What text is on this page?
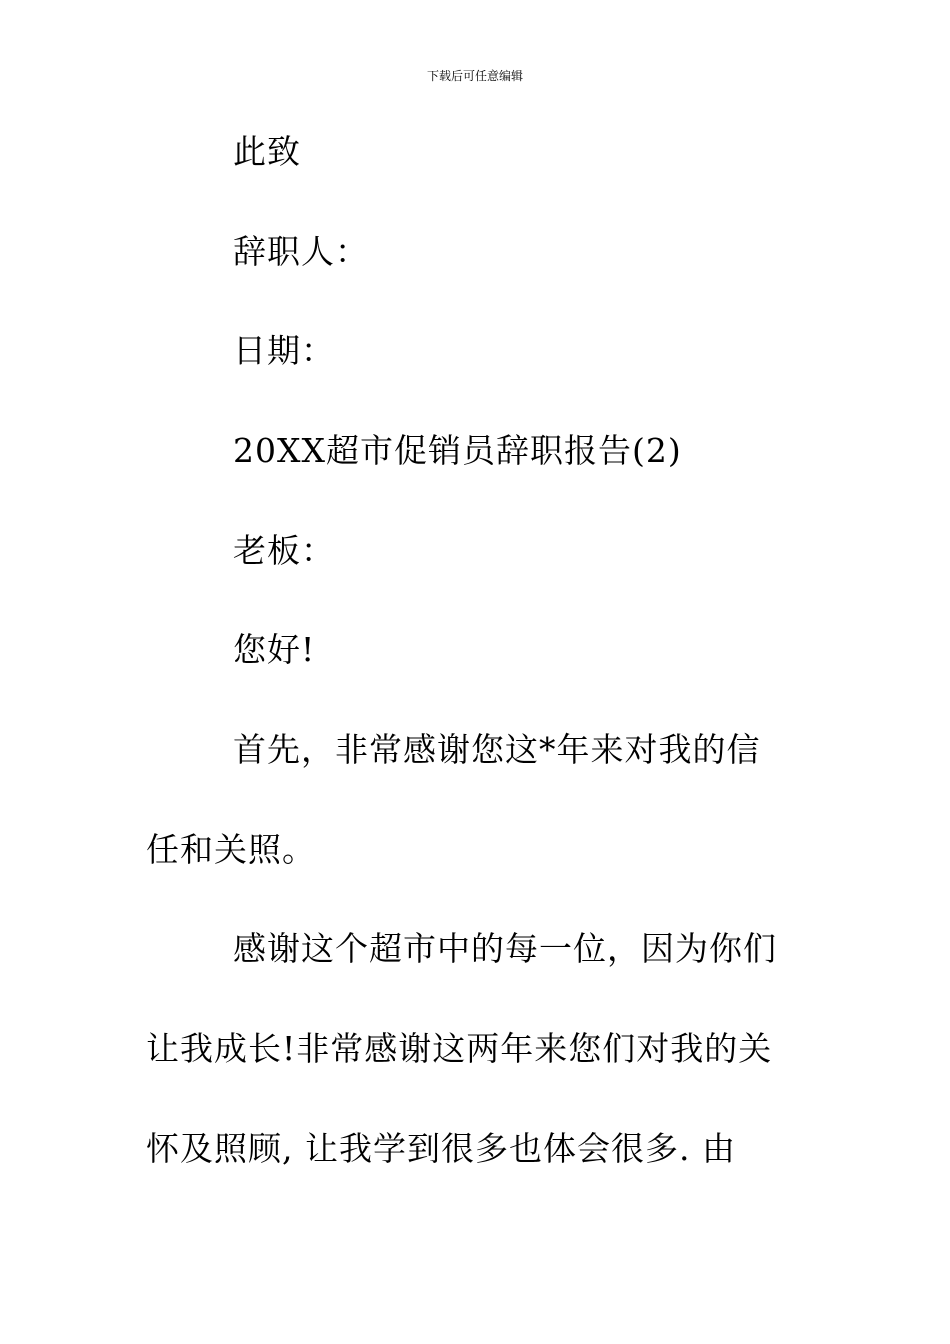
下载后可任意编辑
此致
辞职人：
日期：
20XX超市促销员辞职报告(2)
老板：
您好!
首先，非常感谢您这*年来对我的信
任和关照。
感谢这个超市中的每一位，因为你们
让我成长!非常感谢这两年来您们对我的关
怀及照顾, 让我学到很多也体会很多. 由
